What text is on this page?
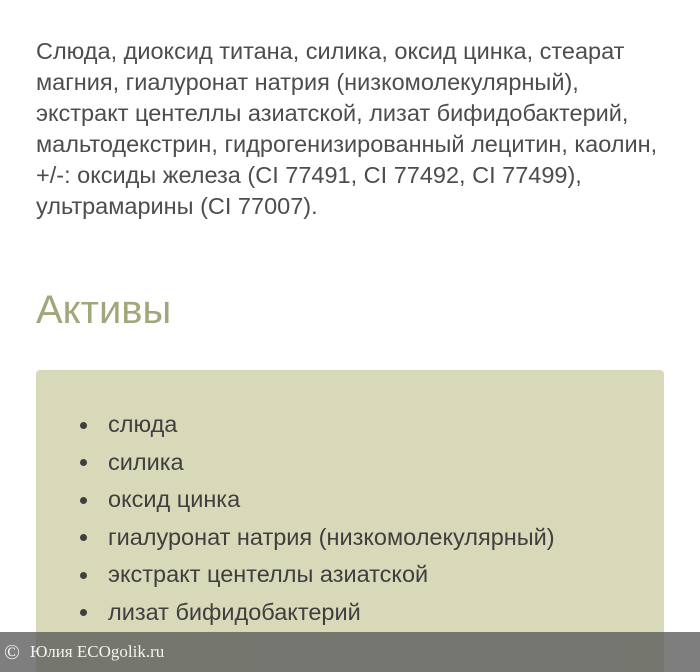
Слюда, диоксид титана, силика, оксид цинка, стеарат магния, гиалуронат натрия (низкомолекулярный), экстракт центеллы азиатской, лизат бифидобактерий, мальтодекстрин, гидрогенизированный лецитин, каолин, +/-: оксиды железа (CI 77491, CI 77492, CI 77499), ультрамарины (CI 77007).

Активы
слюда
силика
оксид цинка
гиалуронат натрия (низкомолекулярный)
экстракт центеллы азиатской
лизат бифидобактерий
© Юлия ECOgolik.ru
